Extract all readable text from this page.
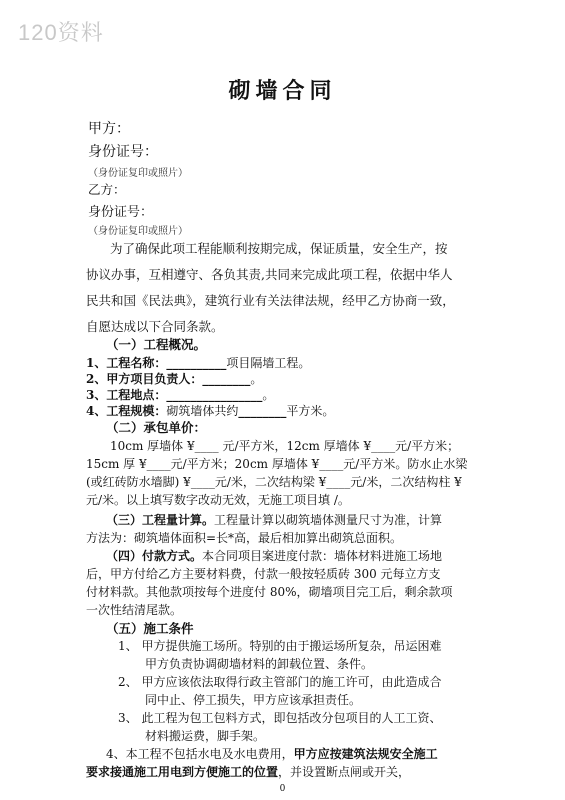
120资料
砌墙合同
甲方：
身份证号：
（身份证复印或照片）
乙方：
身份证号：
（身份证复印或照片）
为了确保此项工程能顺利按期完成，保证质量，安全生产，按
协议办事，互相遵守、各负其责,共同来完成此项工程，依据中华人
民共和国《民法典》，建筑行业有关法律法规，经甲乙方协商一致，
自愿达成以下合同条款。
（一）工程概况。
1、工程名称：__________项目隔墙工程。
2、甲方项目负责人：________。
3、工程地点：________________。
4、工程规模：砌筑墙体共约________平方米。
（二）承包单价：
10cm 厚墙体 ¥____ 元/平方米，12cm 厚墙体 ¥____元/平方米；
15cm 厚 ¥____元/平方米；20cm 厚墙体 ¥____元/平方米。防水止水梁
(或红砖防水墙脚) ¥____元/米，二次结构梁 ¥____元/米，二次结构柱 ¥
元/米。以上填写数字改动无效，无施工项目填 /。
（三）工程量计算。工程量计算以砌筑墙体测量尺寸为准，计算
方法为：砌筑墙体面积=长*高，最后相加算出砌筑总面积。
（四）付款方式。本合同项目案进度付款：墙体材料进施工场地
后，甲方付给乙方主要材料费，付款一般按轻质砖 300 元每立方支
付材料款。其他款项按每个进度付 80%，砌墙项目完工后，剩余款项
一次性结清尾款。
（五）施工条件
1、 甲方提供施工场所。特别的由于搬运场所复杂，吊运困难
甲方负责协调砌墙材料的卸载位置、条件。
2、 甲方应该依法取得行政主管部门的施工许可，由此造成合
同中止、停工损失，甲方应该承担责任。
3、 此工程为包工包料方式，即包括改分包项目的人工工资、
材料搬运费，脚手架。
4、本工程不包括水电及水电费用，甲方应按建筑法规安全施工
要求接通施工用电到方便施工的位置，并设置断点闸或开关，
0
